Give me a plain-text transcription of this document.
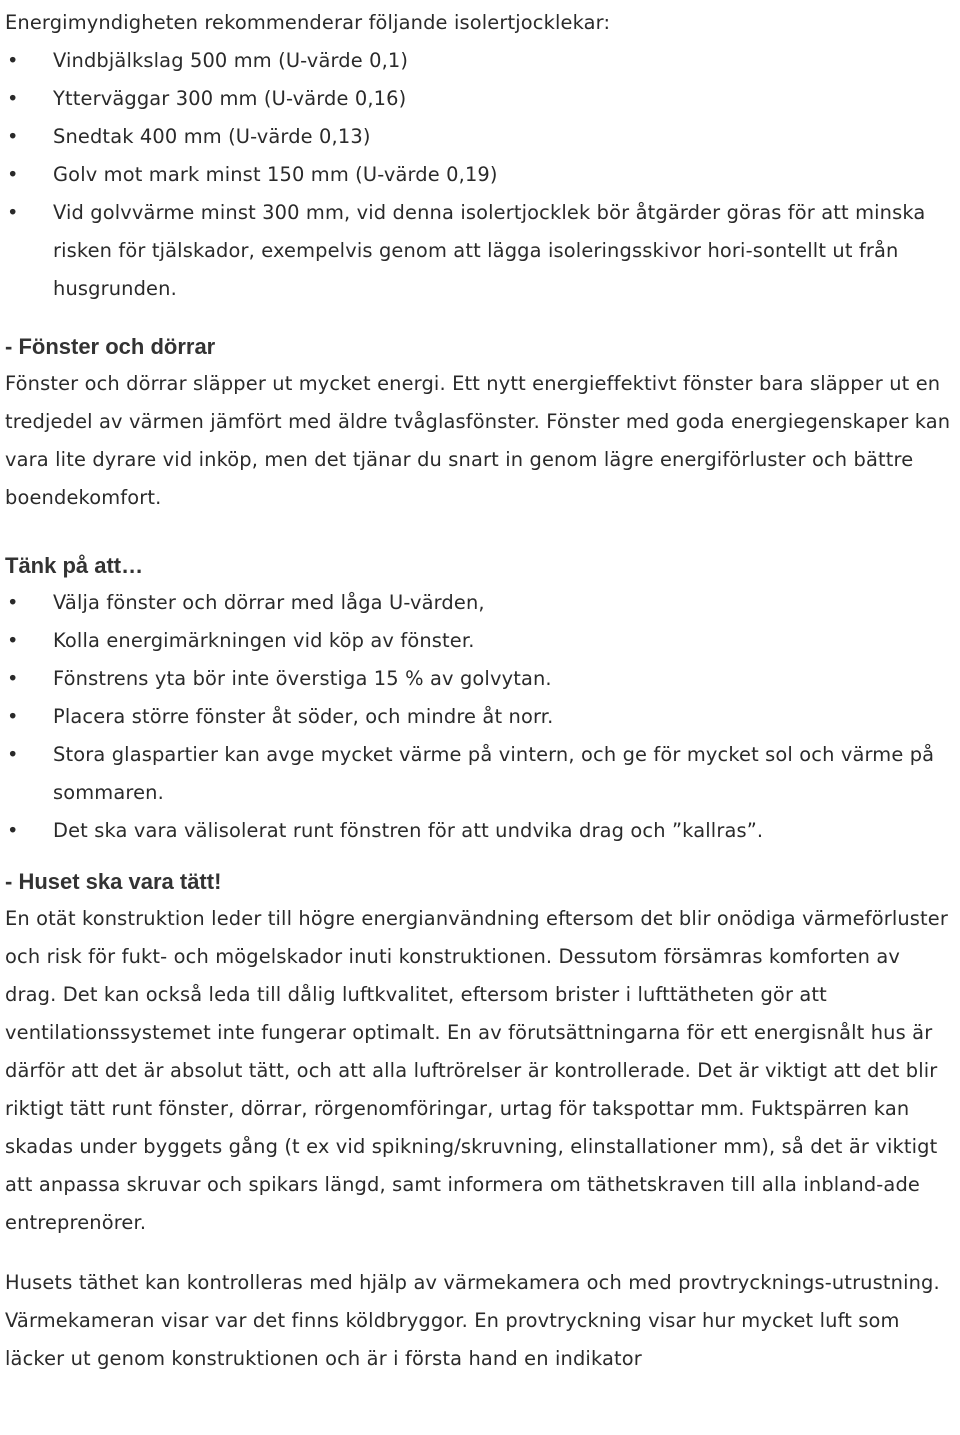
Energimyndigheten rekommenderar följande isolertjocklekar:

• Vindbjälkslag 500 mm (U-värde 0,1)
• Ytterväggar 300 mm (U-värde 0,16)
• Snedtak 400 mm (U-värde 0,13)
• Golv mot mark minst 150 mm (U-värde 0,19)
• Vid golvvärme minst 300 mm, vid denna isolertjocklek bör åtgärder göras för att minska risken för tjälskador, exempelvis genom att lägga isoleringsskivor hori-sontellt ut från husgrunden.
- Fönster och dörrar

Fönster och dörrar släpper ut mycket energi. Ett nytt energieffektivt fönster bara släpper ut en tredjedel av värmen jämfört med äldre tvåglasfönster. Fönster med goda energiegenskaper kan vara lite dyrare vid inköp, men det tjänar du snart in genom lägre energiförluster och bättre boendekomfort.

Tänk på att…
• Välja fönster och dörrar med låga U-värden,
• Kolla energimärkningen vid köp av fönster.
• Fönstrens yta bör inte överstiga 15 % av golvytan.
• Placera större fönster åt söder, och mindre åt norr.
• Stora glaspartier kan avge mycket värme på vintern, och ge för mycket sol och värme på sommaren.
• Det ska vara välisolerat runt fönstren för att undvika drag och ”kallras”.
- Huset ska vara tätt!

En otät konstruktion leder till högre energianvändning eftersom det blir onödiga värmeförluster och risk för fukt- och mögelskador inuti konstruktionen. Dessutom försämras komforten av drag. Det kan också leda till dålig luftkvalitet, eftersom brister i lufttätheten gör att ventilationssystemet inte fungerar optimalt. En av förutsättningarna för ett energisnålt hus är därför att det är absolut tätt, och att alla luftrörelser är kontrollerade. Det är viktigt att det blir riktigt tätt runt fönster, dörrar, rörgenomföringar, urtag för takspottar mm. Fuktspärren kan skadas under byggets gång (t ex vid spikning/skruvning, elinstallationer mm), så det är viktigt att anpassa skruvar och spikars längd, samt informera om täthetskraven till alla inbland-ade entreprenörer.

Husets täthet kan kontrolleras med hjälp av värmekamera och med provtrycknings-utrustning. Värmekameran visar var det finns köldbryggor. En provtryckning visar hur mycket luft som läcker ut genom konstruktionen och är i första hand en indikator
